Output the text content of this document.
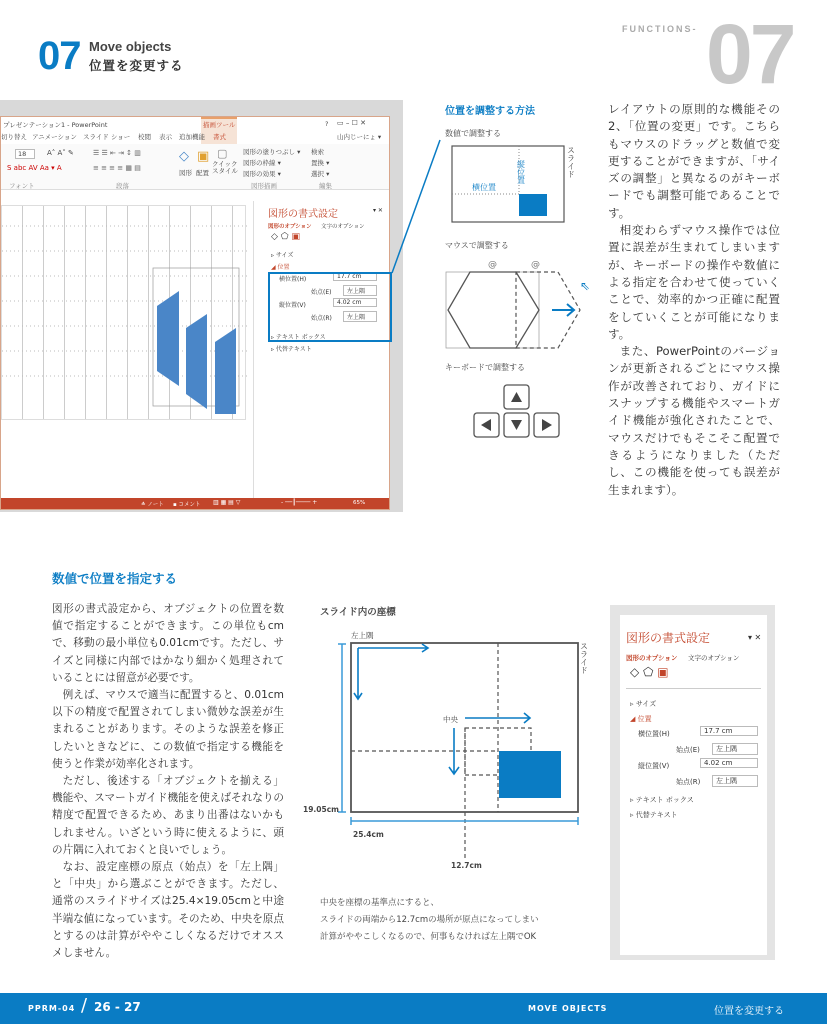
07 Move objects
位置を変更する
FUNCTIONS- 07
プレゼンテーション1 - PowerPoint	描画ツール	? ▭ – ☐ ✕
山内じーにょ ▾
切り替え アニメーション スライド ショー 校閲 表示 追加機能 書式
18	A˄ A˅ ✎
S abc AV Aa ▾ A
☰ ☰ ⇤ ⇥ ↕ ▥
≡ ≡ ≡ ≡ ▦ ▤
◇
図形
▣
配置
▢
クイック スタイル
図形の塗りつぶし ▾
図形の枠線 ▾
図形の効果 ▾
検索
置換 ▾
選択 ▾
フォント	段落	図形描画	編集
図形の書式設定	▾ ✕
図形のオプション 文字のオプション
◇ ⬠ ▣
▹ サイズ
◢ 位置
横位置(H)	17.7 cm
始点(E)	左上隅
縦位置(V)	4.02 cm
始点(R)	左上隅
▹ テキスト ボックス
▹ 代替テキスト
≛ ノート ▪ コメント ▥ ▦ ▤ ▽	- ──┃──── +	65%
位置を調整する方法
数値で調整する
横位置
縦位置	スライド
マウスで調整する
@	@
⇖
キーボードで調整する

レイアウトの原則的な機能その2、「位置の変更」です。こちらもマウスのドラッグと数値で変更することができますが、「サイズの調整」と異なるのがキーボードでも調整可能であることです。

相変わらずマウス操作では位置に誤差が生まれてしまいますが、キーボードの操作や数値による指定を合わせて使っていくことで、効率的かつ正確に配置をしていくことが可能になります。

また、PowerPointのバージョンが更新されるごとにマウス操作が改善されており、ガイドにスナップする機能やスマートガイド機能が強化されたことで、マウスだけでもそこそこ配置できるようになりました（ただし、この機能を使っても誤差が生まれます）。

数値で位置を指定する

図形の書式設定から、オブジェクトの位置を数値で指定することができます。この単位もcmで、移動の最小単位も0.01cmです。ただし、サイズと同様に内部ではかなり細かく処理されていることには留意が必要です。

例えば、マウスで適当に配置すると、0.01cm以下の精度で配置されてしまい微妙な誤差が生まれることがあります。そのような誤差を修正したいときなどに、この数値で指定する機能を使うと作業が効率化されます。

ただし、後述する「オブジェクトを揃える」機能や、スマートガイド機能を使えばそれなりの精度で配置できるため、あまり出番はないかもしれません。いざという時に使えるように、頭の片隅に入れておくと良いでしょう。

なお、設定座標の原点（始点）を「左上隅」と「中央」から選ぶことができます。ただし、通常のスライドサイズは25.4×19.05cmと中途半端な値になっています。そのため、中央を原点とするのは計算がややこしくなるだけでオススメしません。

スライド内の座標
左上隅
スライド
中央
19.05cm
25.4cm
12.7cm
中央を座標の基準点にすると、
スライドの両端から12.7cmの場所が原点になってしまい
計算がややこしくなるので、何事もなければ左上隅でOK
図形の書式設定	▾ ✕
図形のオプション 文字のオプション
◇ ⬠ ▣
▹ サイズ
◢ 位置
横位置(H)	17.7 cm
始点(E)	左上隅
縦位置(V)	4.02 cm
始点(R)	左上隅
▹ テキスト ボックス
▹ 代替テキスト
PPRM-04 / 26 - 27	MOVE OBJECTS	位置を変更する
